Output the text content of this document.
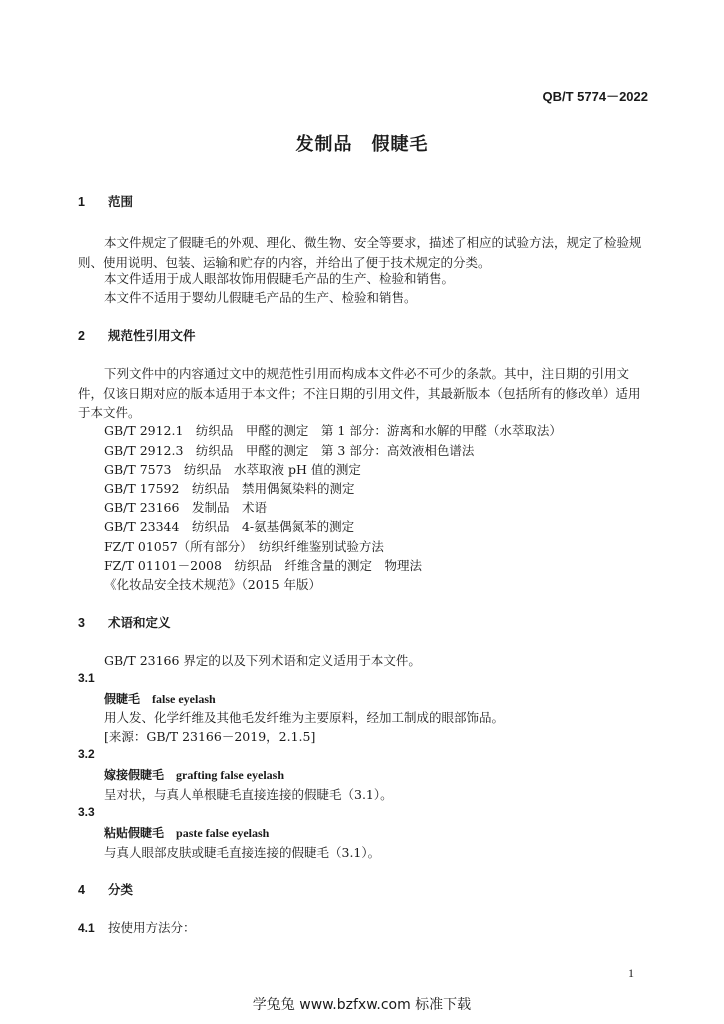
QB/T 5774－2022
发制品　假睫毛
1 范围
本文件规定了假睫毛的外观、理化、微生物、安全等要求，描述了相应的试验方法，规定了检验规则、使用说明、包装、运输和贮存的内容，并给出了便于技术规定的分类。
本文件适用于成人眼部妆饰用假睫毛产品的生产、检验和销售。
本文件不适用于婴幼儿假睫毛产品的生产、检验和销售。
2 规范性引用文件
下列文件中的内容通过文中的规范性引用而构成本文件必不可少的条款。其中，注日期的引用文件，仅该日期对应的版本适用于本文件；不注日期的引用文件，其最新版本（包括所有的修改单）适用于本文件。
GB/T 2912.1　纺织品　甲醛的测定　第 1 部分：游离和水解的甲醛（水萃取法）
GB/T 2912.3　纺织品　甲醛的测定　第 3 部分：高效液相色谱法
GB/T 7573　纺织品　水萃取液 pH 值的测定
GB/T 17592　纺织品　禁用偶氮染料的测定
GB/T 23166　发制品　术语
GB/T 23344　纺织品　4-氨基偶氮苯的测定
FZ/T 01057（所有部分）　纺织纤维鉴别试验方法
FZ/T 01101－2008　纺织品　纤维含量的测定　物理法
《化妆品安全技术规范》（2015 年版）
3 术语和定义
GB/T 23166 界定的以及下列术语和定义适用于本文件。
3.1
假睫毛 false eyelash
用人发、化学纤维及其他毛发纤维为主要原料，经加工制成的眼部饰品。
[来源：GB/T 23166－2019，2.1.5]
3.2
嫁接假睫毛 grafting false eyelash
呈对状，与真人单根睫毛直接连接的假睫毛（3.1）。
3.3
粘贴假睫毛 paste false eyelash
与真人眼部皮肤或睫毛直接连接的假睫毛（3.1）。
4 分类
4.1 按使用方法分：
1
学兔兔 www.bzfxw.com 标准下载
